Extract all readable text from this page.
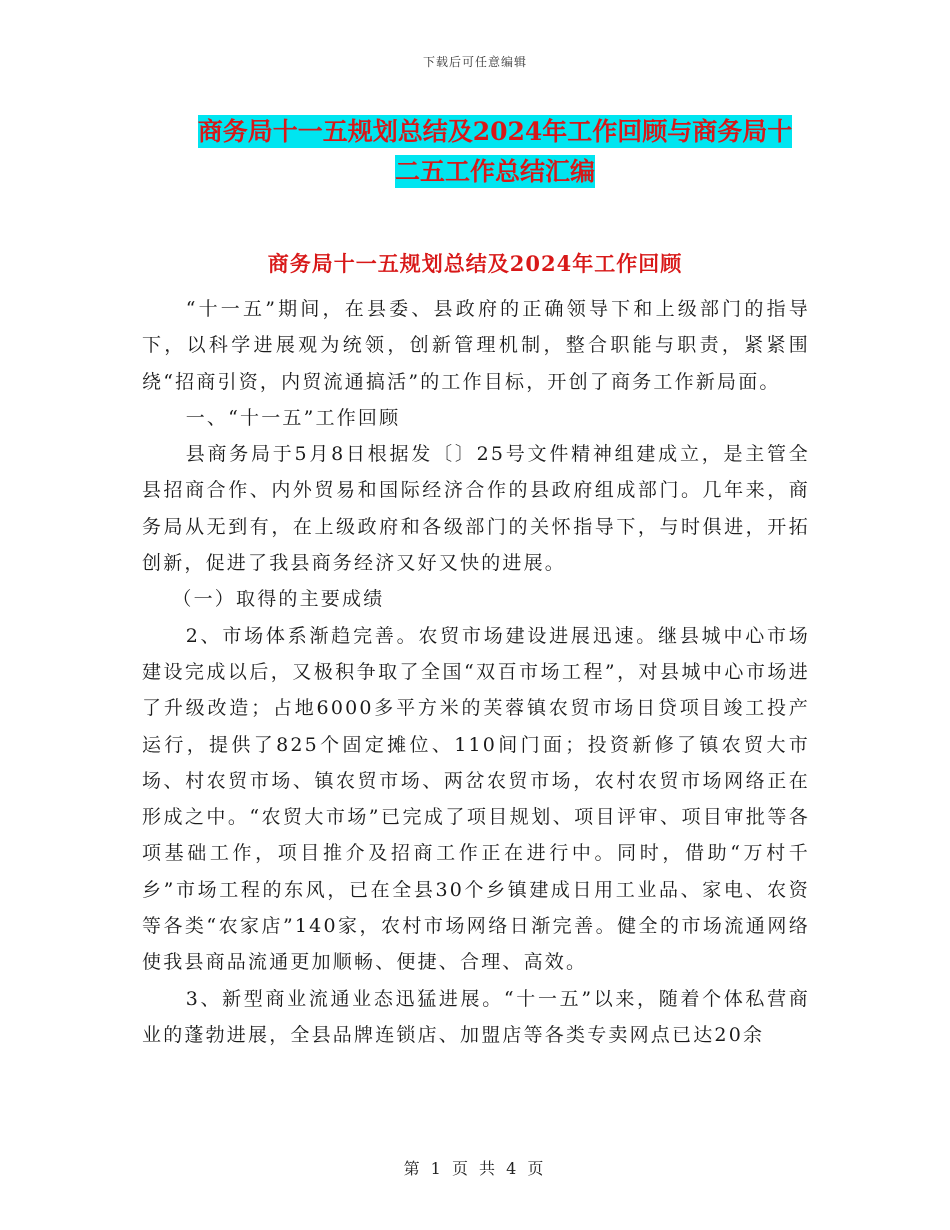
下载后可任意编辑
商务局十一五规划总结及2024年工作回顾与商务局十
二五工作总结汇编
商务局十一五规划总结及2024年工作回顾

“十一五”期间，在县委、县政府的正确领导下和上级部门的指导下，以科学进展观为统领，创新管理机制，整合职能与职责，紧紧围绕“招商引资，内贸流通搞活”的工作目标，开创了商务工作新局面。

一、“十一五”工作回顾

县商务局于5月8日根据发〔〕25号文件精神组建成立，是主管全县招商合作、内外贸易和国际经济合作的县政府组成部门。几年来，商务局从无到有，在上级政府和各级部门的关怀指导下，与时俱进，开拓创新，促进了我县商务经济又好又快的进展。

（一）取得的主要成绩

2、市场体系渐趋完善。农贸市场建设进展迅速。继县城中心市场建设完成以后，又极积争取了全国“双百市场工程”，对县城中心市场进了升级改造；占地6000多平方米的芙蓉镇农贸市场日贷项目竣工投产运行，提供了825个固定摊位、110间门面；投资新修了镇农贸大市场、村农贸市场、镇农贸市场、两岔农贸市场，农村农贸市场网络正在形成之中。“农贸大市场”已完成了项目规划、项目评审、项目审批等各项基础工作，项目推介及招商工作正在进行中。同时，借助“万村千乡”市场工程的东风，已在全县30个乡镇建成日用工业品、家电、农资等各类“农家店”140家，农村市场网络日渐完善。健全的市场流通网络使我县商品流通更加顺畅、便捷、合理、高效。

3、新型商业流通业态迅猛进展。“十一五”以来，随着个体私营商业的蓬勃进展，全县品牌连锁店、加盟店等各类专卖网点已达20余

第 1 页 共 4 页
